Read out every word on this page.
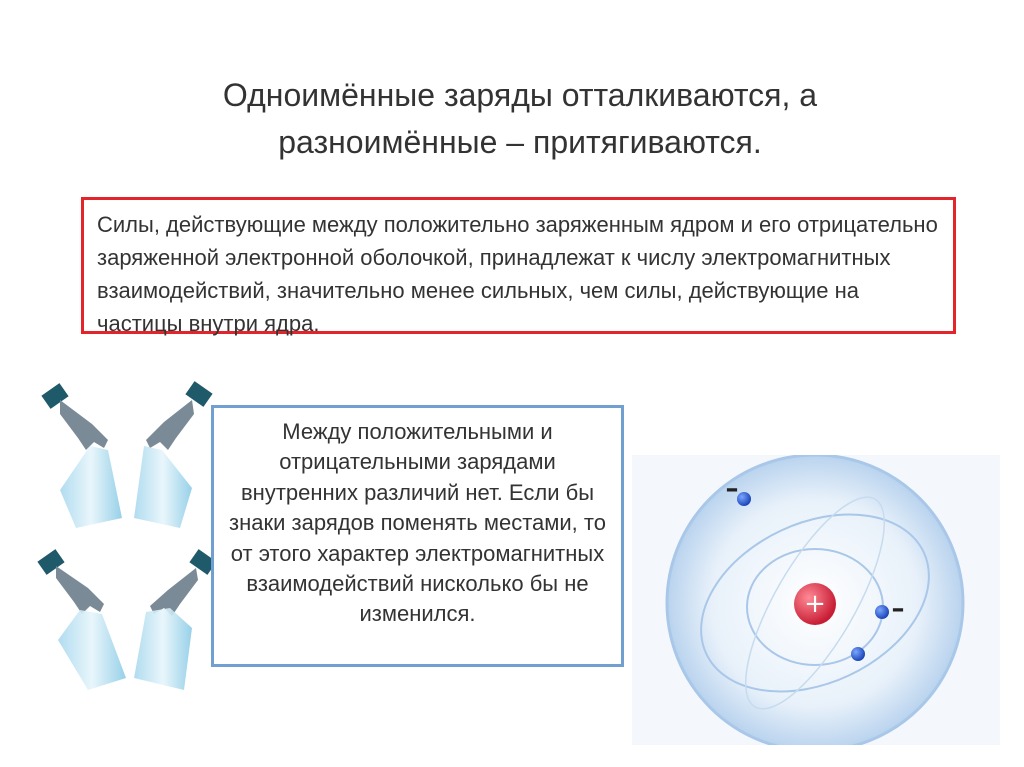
Одноимённые заряды отталкиваются, а
разноимённые – притягиваются.
Силы, действующие между положительно заряженным ядром и его отрицательно заряженной электронной оболочкой, принадлежат к числу электромагнитных взаимодействий, значительно менее сильных, чем силы, действующие на частицы внутри ядра.
Между положительными и отрицательными зарядами внутренних различий нет. Если бы знаки зарядов поменять местами, то от этого характер электромагнитных взаимодействий нисколько бы не изменился.	+
–
–
